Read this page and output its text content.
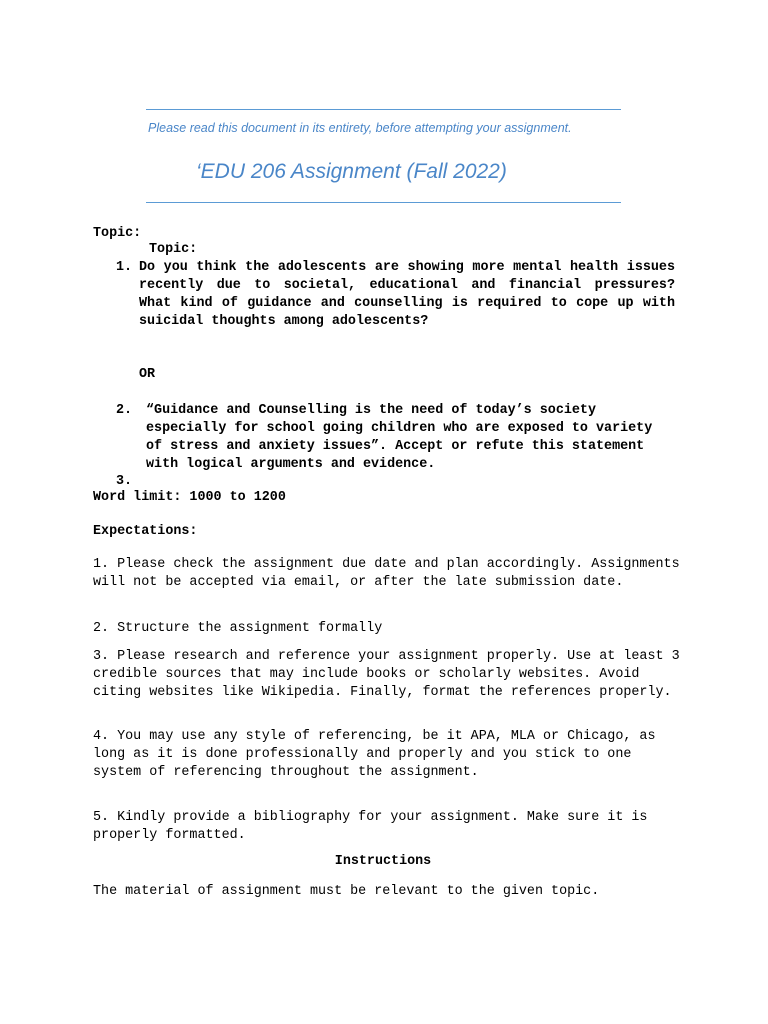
Please read this document in its entirety, before attempting your assignment.
‘EDU 206 Assignment (Fall 2022)
Topic:
Topic:
1. Do you think the adolescents are showing more mental health issues recently due to societal, educational and financial pressures? What kind of guidance and counselling is required to cope up with suicidal thoughts among adolescents?
OR
2. “Guidance and Counselling is the need of today’s society especially for school going children who are exposed to variety of stress and anxiety issues”. Accept or refute this statement with logical arguments and evidence.
3.
Word limit: 1000 to 1200
Expectations:
1. Please check the assignment due date and plan accordingly. Assignments will not be accepted via email, or after the late submission date.
2. Structure the assignment formally
3. Please research and reference your assignment properly. Use at least 3 credible sources that may include books or scholarly websites. Avoid citing websites like Wikipedia. Finally, format the references properly.
4. You may use any style of referencing, be it APA, MLA or Chicago, as long as it is done professionally and properly and you stick to one system of referencing throughout the assignment.
5. Kindly provide a bibliography for your assignment. Make sure it is properly formatted.
Instructions
The material of assignment must be relevant to the given topic.
